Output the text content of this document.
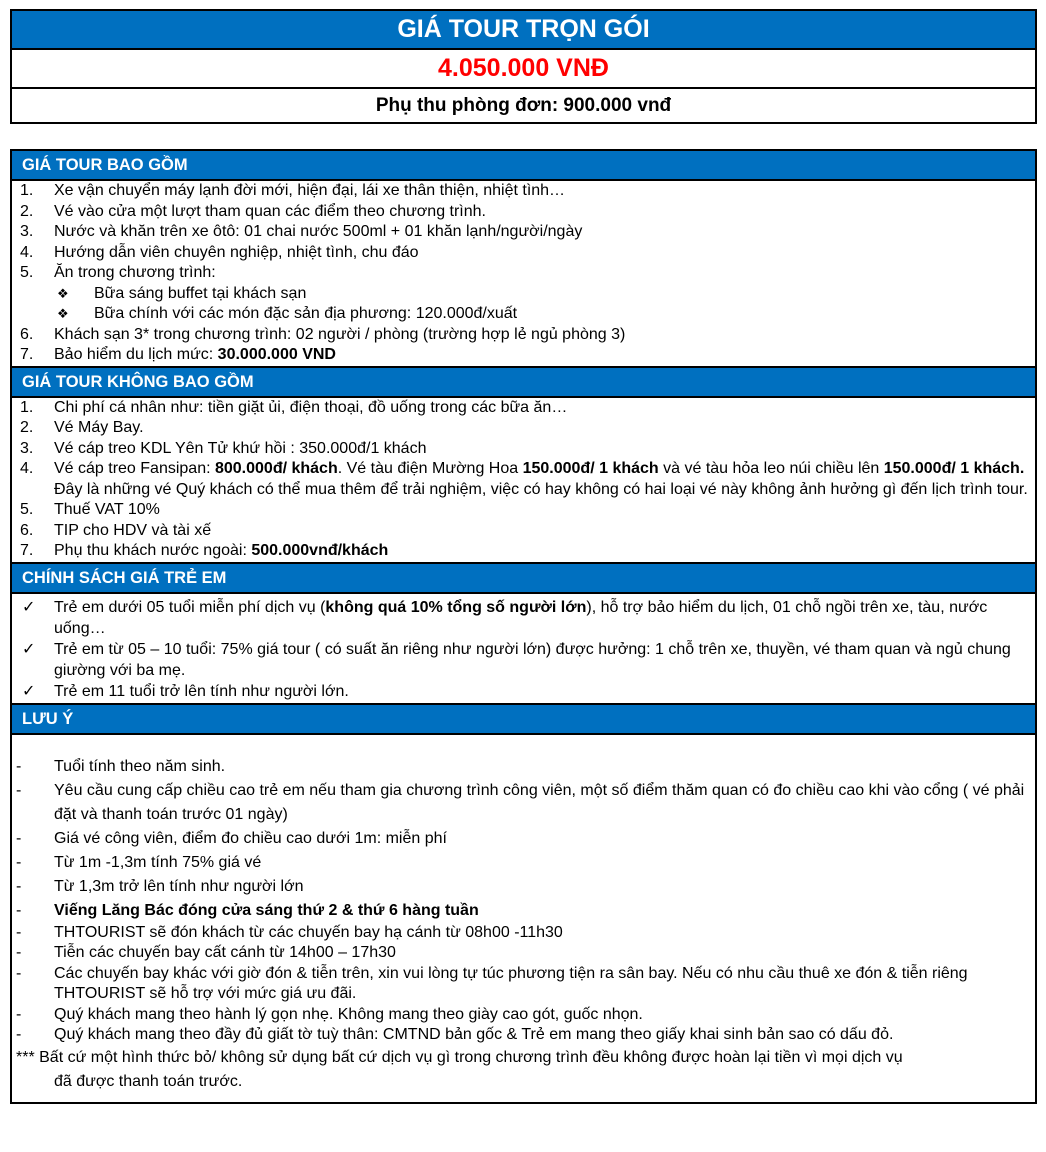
GIÁ TOUR TRỌN GÓI
4.050.000 VNĐ
Phụ thu phòng đơn: 900.000 vnđ
GIÁ TOUR BAO GỒM
1. Xe vận chuyển máy lạnh đời mới, hiện đại, lái xe thân thiện, nhiệt tình…
2. Vé vào cửa một lượt tham quan các điểm theo chương trình.
3. Nước và khăn trên xe ôtô: 01 chai nước 500ml + 01 khăn lạnh/người/ngày
4. Hướng dẫn viên chuyên nghiệp, nhiệt tình, chu đáo
5. Ăn trong chương trình:
❖ Bữa sáng buffet tại khách sạn
❖ Bữa chính với các món đặc sản địa phương: 120.000đ/xuất
6. Khách sạn 3* trong chương trình: 02 người / phòng (trường hợp lẻ ngủ phòng 3)
7. Bảo hiểm du lịch mức: 30.000.000 VND
GIÁ TOUR KHÔNG BAO GỒM
1. Chi phí cá nhân như: tiền giặt ủi, điện thoại, đồ uống trong các bữa ăn…
2. Vé Máy Bay.
3. Vé cáp treo KDL Yên Tử khứ hồi : 350.000đ/1 khách
4. Vé cáp treo Fansipan: 800.000đ/ khách. Vé tàu điện Mường Hoa 150.000đ/ 1 khách và vé tàu hỏa leo núi chiều lên 150.000đ/ 1 khách. Đây là những vé Quý khách có thể mua thêm để trải nghiệm, việc có hay không có hai loại vé này không ảnh hưởng gì đến lịch trình tour.
5. Thuế VAT 10%
6. TIP cho HDV và tài xế
7. Phụ thu khách nước ngoài: 500.000vnđ/khách
CHÍNH SÁCH GIÁ TRẺ EM
✓ Trẻ em dưới 05 tuổi miễn phí dịch vụ (không quá 10% tổng số người lớn), hỗ trợ bảo hiểm du lịch, 01 chỗ ngồi trên xe, tàu, nước uống…
✓ Trẻ em từ 05 – 10 tuổi: 75% giá tour ( có suất ăn riêng như người lớn) được hưởng: 1 chỗ trên xe, thuyền, vé tham quan và ngủ chung giường với ba mẹ.
✓ Trẻ em 11 tuổi trở lên tính như người lớn.
LƯU Ý
- Tuổi tính theo năm sinh.
- Yêu cầu cung cấp chiều cao trẻ em nếu tham gia chương trình công viên, một số điểm thăm quan có đo chiều cao khi vào cổng ( vé phải đặt và thanh toán trước 01 ngày)
- Giá vé công viên, điểm đo chiều cao dưới 1m: miễn phí
- Từ 1m -1,3m tính 75% giá vé
- Từ 1,3m trở lên tính như người lớn
- Viếng Lăng Bác đóng cửa sáng thứ 2 & thứ 6 hàng tuần
- THTOURIST sẽ đón khách từ các chuyến bay hạ cánh từ 08h00 -11h30
- Tiễn các chuyến bay cất cánh từ 14h00 – 17h30
- Các chuyến bay khác với giờ đón & tiễn trên, xin vui lòng tự túc phương tiện ra sân bay. Nếu có nhu cầu thuê xe đón & tiễn riêng THTOURIST sẽ hỗ trợ với mức giá ưu đãi.
- Quý khách mang theo hành lý gọn nhẹ. Không mang theo giày cao gót, guốc nhọn.
- Quý khách mang theo đầy đủ giất tờ tuỳ thân: CMTND bản gốc & Trẻ em mang theo giấy khai sinh bản sao có dấu đỏ.
*** Bất cứ một hình thức bỏ/ không sử dụng bất cứ dịch vụ gì trong chương trình đều không được hoàn lại tiền vì mọi dịch vụ
đã được thanh toán trước.
